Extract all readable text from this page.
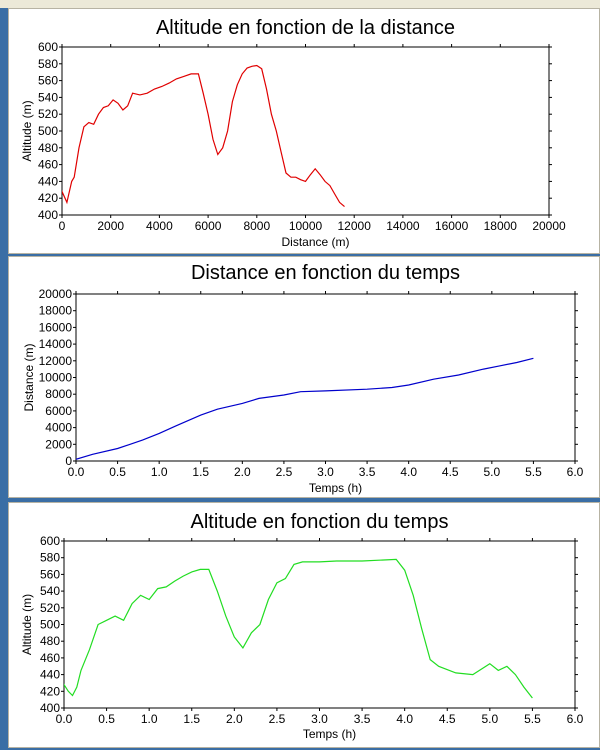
Altitude en fonction de la distance
400
420
440
460
480
500
520
540
560
580
600
0	2000 4000 6000 8000 10000 12000 14000 16000 18000 20000
Distance (m)
Altitude (m)
Distance en fonction du temps
0
2000
4000
6000
8000
10000
12000
14000
16000
18000
20000
0.0 0.5 1.0 1.5 2.0 2.5 3.0 3.5 4.0 4.5 5.0 5.5 6.0
Temps (h)
Distance (m)
Altitude en fonction du temps
400
420
440
460
480
500
520
540
560
580
600
0.0 0.5 1.0 1.5 2.0 2.5 3.0 3.5 4.0 4.5 5.0 5.5 6.0
Temps (h)
Altitude (m)
